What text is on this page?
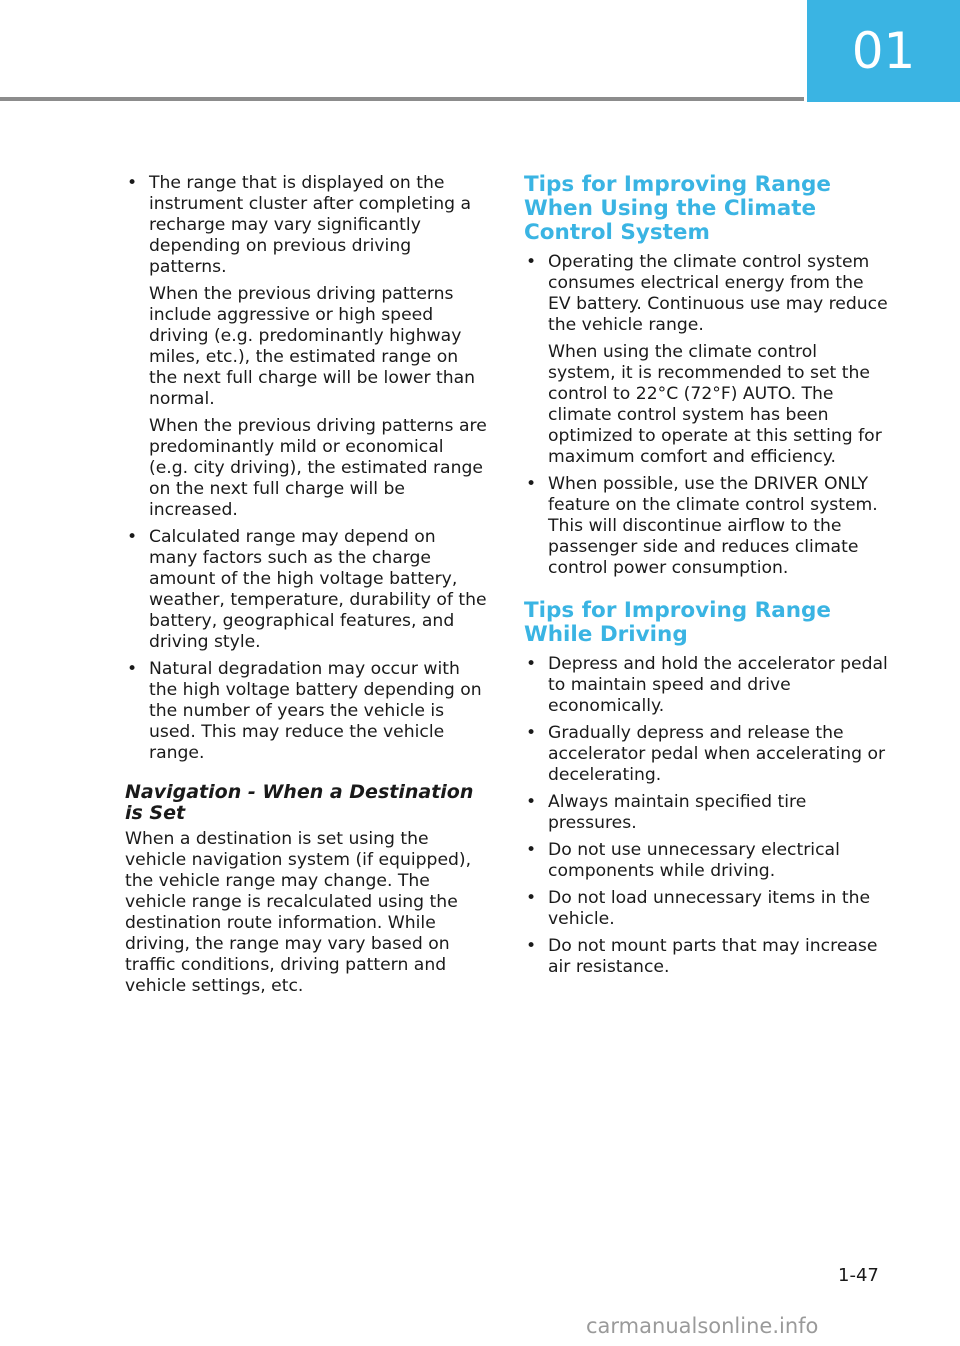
01
• The range that is displayed on the instrument cluster after completing a recharge may vary significantly depending on previous driving patterns.

When the previous driving patterns include aggressive or high speed driving (e.g. predominantly highway miles, etc.), the estimated range on the next full charge will be lower than normal.

When the previous driving patterns are predominantly mild or economical (e.g. city driving), the estimated range on the next full charge will be increased.

• Calculated range may depend on many factors such as the charge amount of the high voltage battery, weather, temperature, durability of the battery, geographical features, and driving style.

• Natural degradation may occur with the high voltage battery depending on the number of years the vehicle is used. This may reduce the vehicle range.

Navigation - When a Destination is Set

When a destination is set using the vehicle navigation system (if equipped), the vehicle range may change. The vehicle range is recalculated using the destination route information. While driving, the range may vary based on traffic conditions, driving pattern and vehicle settings, etc.

Tips for Improving Range When Using the Climate Control System
• Operating the climate control system consumes electrical energy from the EV battery. Continuous use may reduce the vehicle range.

When using the climate control system, it is recommended to set the control to 22°C (72°F) AUTO. The climate control system has been optimized to operate at this setting for maximum comfort and efficiency.

• When possible, use the DRIVER ONLY feature on the climate control system. This will discontinue airflow to the passenger side and reduces climate control power consumption.

Tips for Improving Range While Driving
• Depress and hold the accelerator pedal to maintain speed and drive economically.

• Gradually depress and release the accelerator pedal when accelerating or decelerating.

• Always maintain specified tire pressures.

• Do not use unnecessary electrical components while driving.

• Do not load unnecessary items in the vehicle.

• Do not mount parts that may increase air resistance.

1-47
carmanualsonline.info
